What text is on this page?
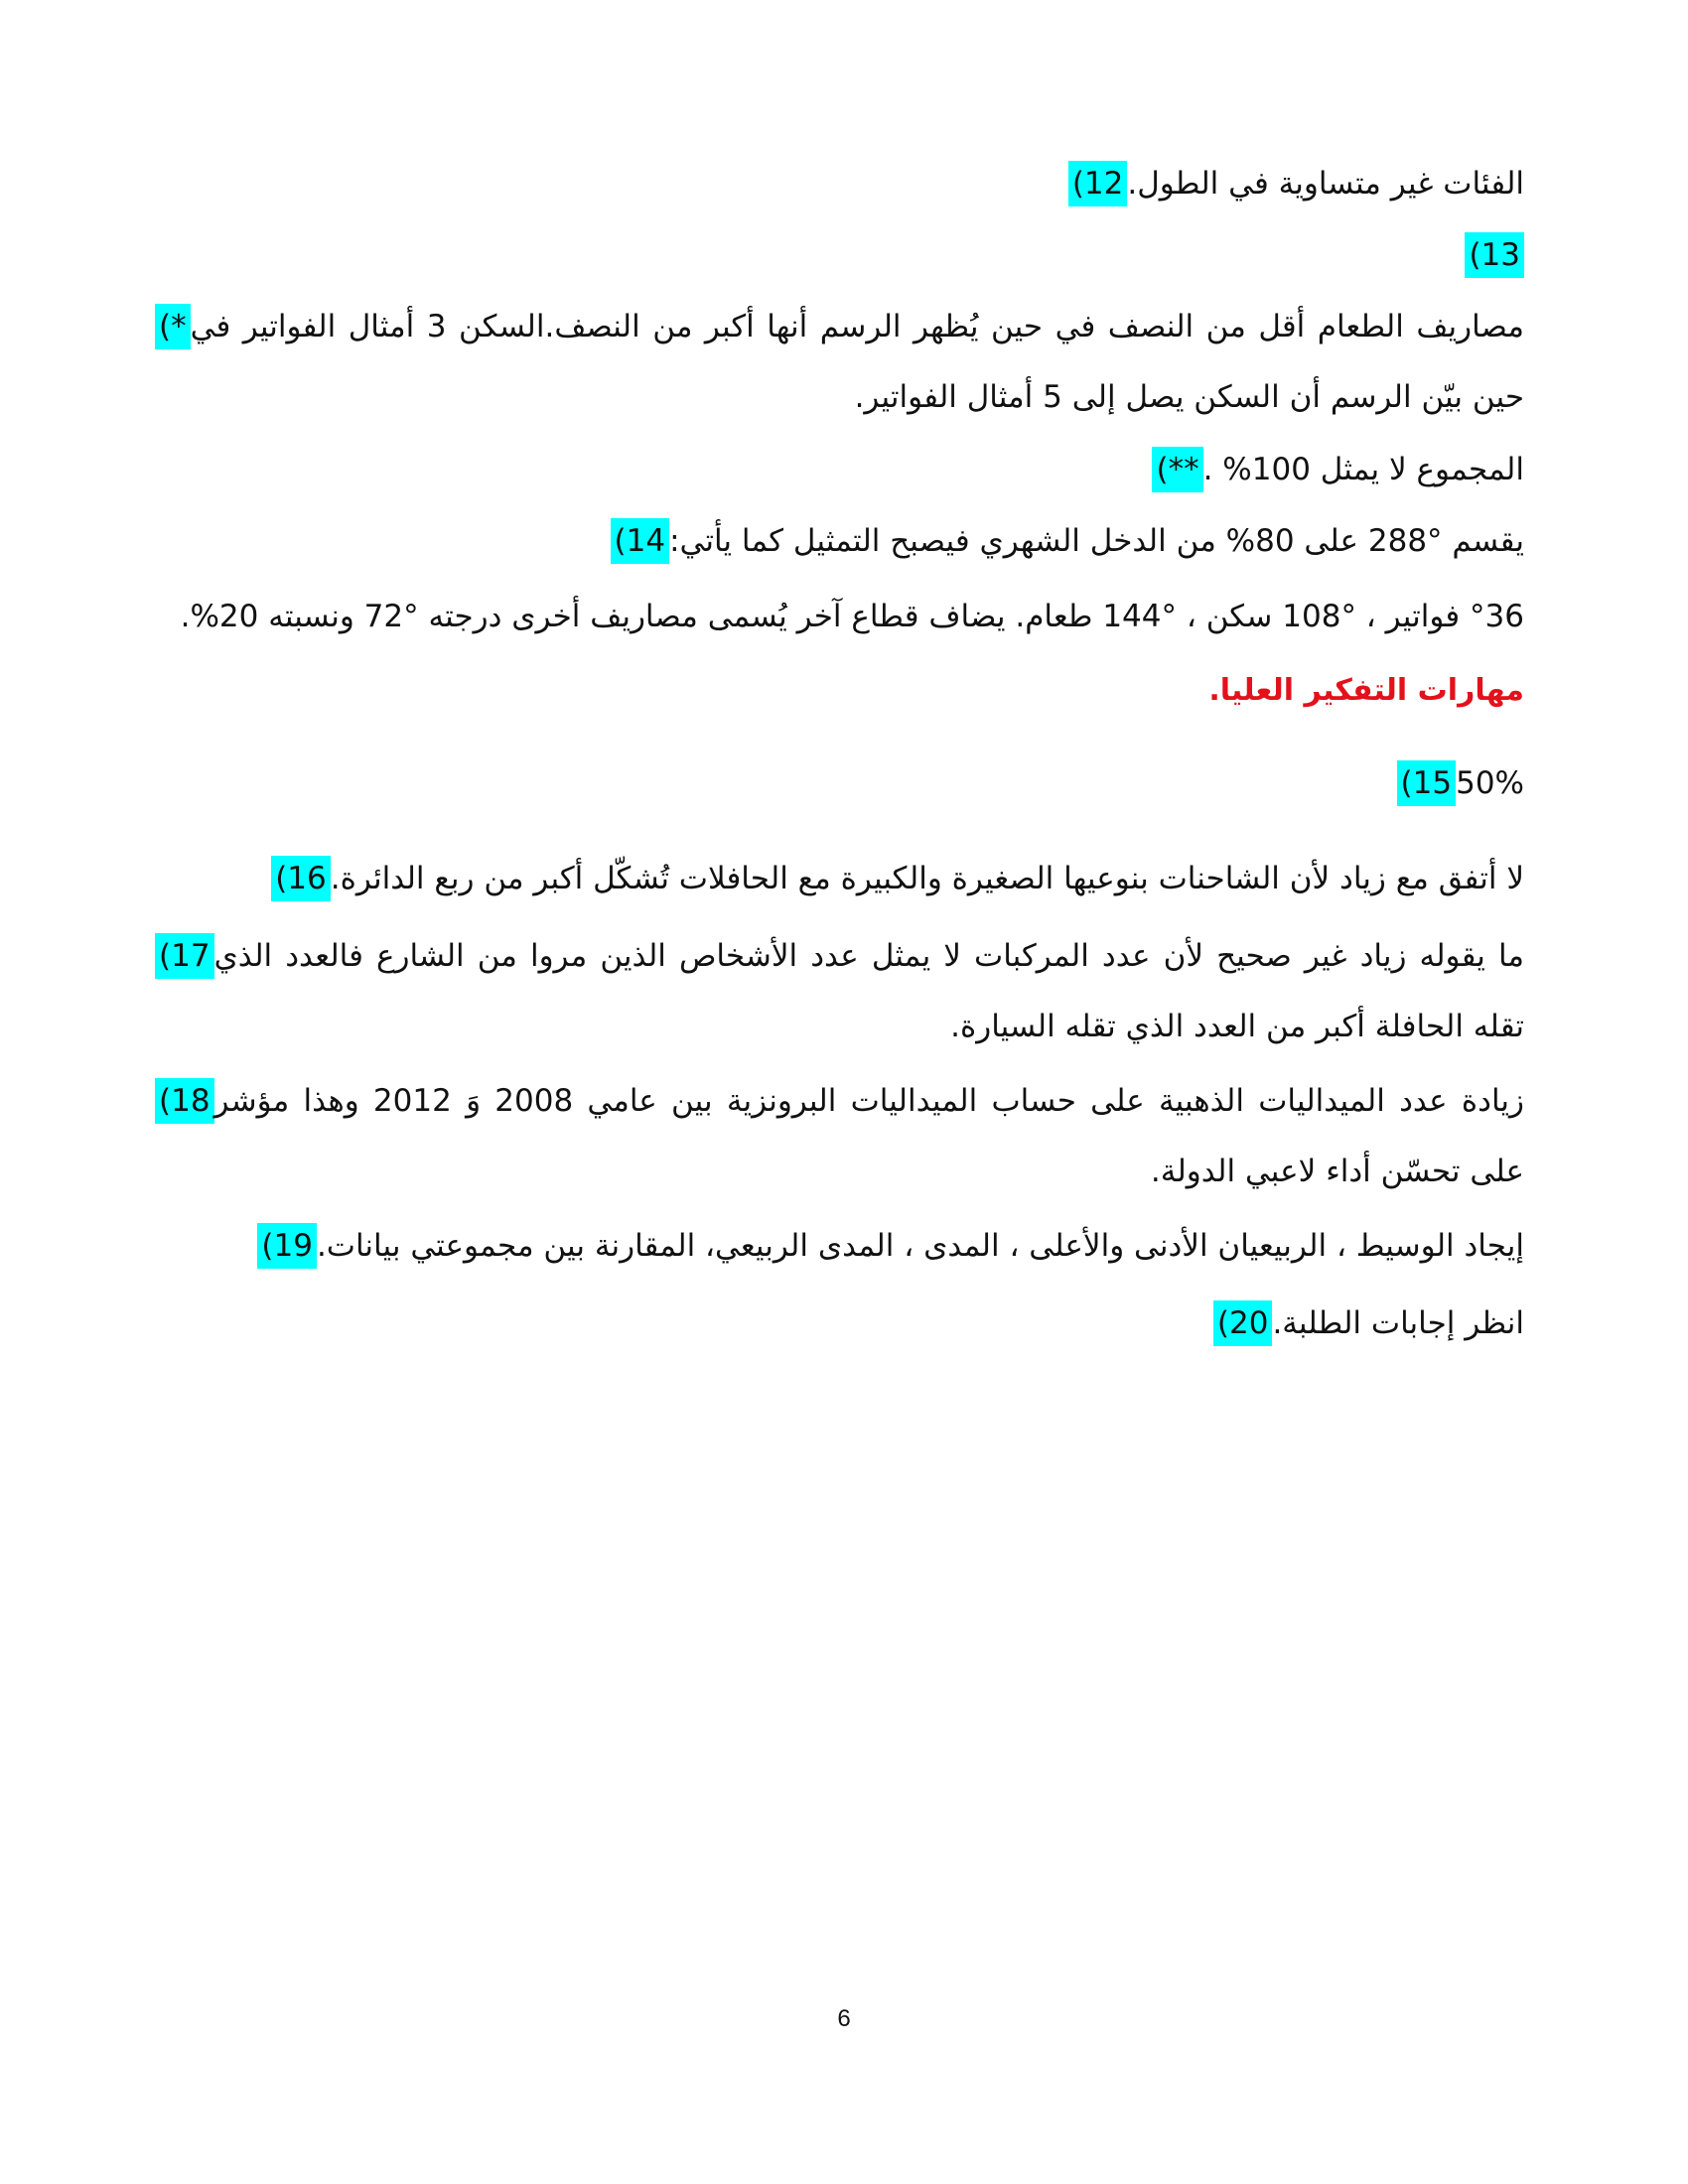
(12 الفئات غير متساوية في الطول.
(13
(* مصاريف الطعام أقل من النصف في حين يُظهر الرسم أنها أكبر من النصف.السكن 3 أمثال الفواتير في حين بيّن الرسم أن السكن يصل إلى 5 أمثال الفواتير.
(** المجموع لا يمثل 100% .
(14 يقسم °288 على 80% من الدخل الشهري فيصبح التمثيل كما يأتي:
°36 فواتير ، °108 سكن ، °144 طعام. يضاف قطاع آخر يُسمى مصاريف أخرى درجته °72 ونسبته 20%.
مهارات التفكير العليا.
(15 50%
(16 لا أتفق مع زياد لأن الشاحنات بنوعيها الصغيرة والكبيرة مع الحافلات تُشكّل أكبر من ربع الدائرة.
(17 ما يقوله زياد غير صحيح لأن عدد المركبات لا يمثل عدد الأشخاص الذين مروا من الشارع فالعدد الذي تقله الحافلة أكبر من العدد الذي تقله السيارة.
(18 زيادة عدد الميداليات الذهبية على حساب الميداليات البرونزية بين عامي 2008 وَ 2012 وهذا مؤشر على تحسّن أداء لاعبي الدولة.
(19 إيجاد الوسيط ، الربيعيان الأدنى والأعلى ، المدى ، المدى الربيعي، المقارنة بين مجموعتي بيانات.
(20 انظر إجابات الطلبة.
6
